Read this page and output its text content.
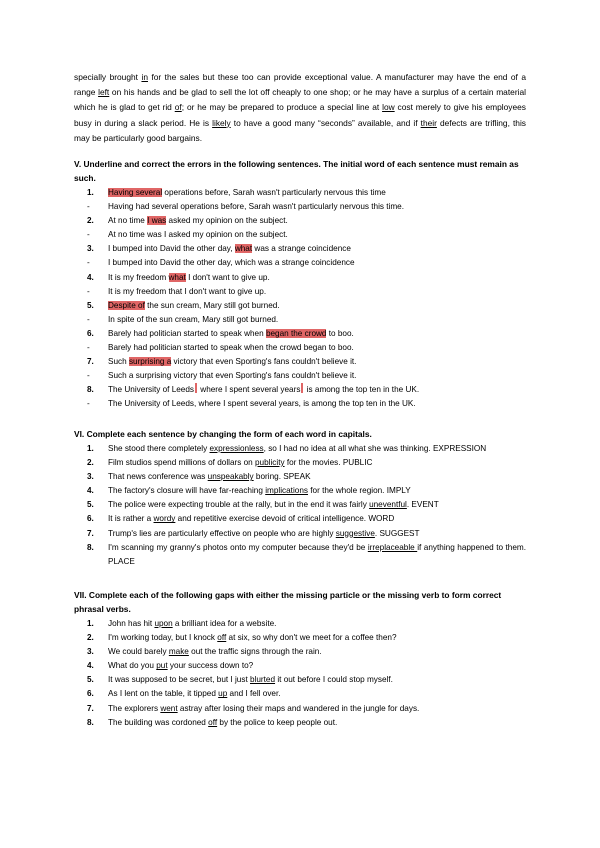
specially brought in for the sales but these too can provide exceptional value. A manufacturer may have the end of a range left on his hands and be glad to sell the lot off cheaply to one shop; or he may have a surplus of a certain material which he is glad to get rid of; or he may be prepared to produce a special line at low cost merely to give his employees busy in during a slack period. He is likely to have a good many “seconds” available, and if their defects are trifling, this may be particularly good bargains.
V. Underline and correct the errors in the following sentences. The initial word of each sentence must remain as such.
1.	Having several operations before, Sarah wasn't particularly nervous this time
-	Having had several operations before, Sarah wasn't particularly nervous this time.
2.	At no time I was asked my opinion on the subject.
-	At no time was I asked my opinion on the subject.
3.	I bumped into David the other day, what was a strange coincidence
-	I bumped into David the other day, which was a strange coincidence
4.	It is my freedom what I don't want to give up.
-	It is my freedom that I don't want to give up.
5.	Despite of the sun cream, Mary still got burned.
-	In spite of the sun cream, Mary still got burned.
6.	Barely had politician started to speak when began the crowd to boo.
-	Barely had politician started to speak when the crowd began to boo.
7.	Such surprising a victory that even Sporting's fans couldn't believe it.
-	Such a surprising victory that even Sporting's fans couldn't believe it.
8.	The University of Leeds where I spent several years is among the top ten in the UK.
-	The University of Leeds, where I spent several years, is among the top ten in the UK.
VI. Complete each sentence by changing the form of each word in capitals.
1.	She stood there completely expressionless, so I had no idea at all what she was thinking. EXPRESSION
2.	Film studios spend millions of dollars on publicity for the movies. PUBLIC
3.	That news conference was unspeakably boring. SPEAK
4.	The factory's closure will have far-reaching implications for the whole region. IMPLY
5.	The police were expecting trouble at the rally, but in the end it was fairly uneventful. EVENT
6.	It is rather a wordy and repetitive exercise devoid of critical intelligence. WORD
7.	Trump's lies are particularly effective on people who are highly suggestive. SUGGEST
8.	I'm scanning my granny's photos onto my computer because they'd be irreplaceable if anything happened to them. PLACE
VII. Complete each of the following gaps with either the missing particle or the missing verb to form correct phrasal verbs.
1.	John has hit upon a brilliant idea for a website.
2.	I'm working today, but I knock off at six, so why don't we meet for a coffee then?
3.	We could barely make out the traffic signs through the rain.
4.	What do you put your success down to?
5.	It was supposed to be secret, but I just blurted it out before I could stop myself.
6.	As I lent on the table, it tipped up and I fell over.
7.	The explorers went astray after losing their maps and wandered in the jungle for days.
8.	The building was cordoned off by the police to keep people out.
